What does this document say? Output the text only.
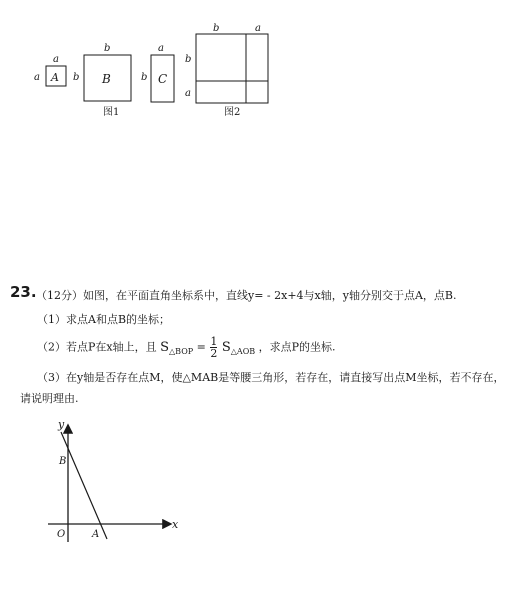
A
a
a
B
b
b
C
b
a
图1
b	a
b
a
图2
23. （12分）如图，在平面直角坐标系中，直线y= - 2x+4与x轴，y轴分别交于点A，点B.
（1）求点A和点B的坐标；
（2）若点P在x轴上，且 $S_{\triangle BOP} = \frac{1}{2} S_{\triangle AOB}$ ，求点P的坐标.
（3）在y轴是否存在点M，使△MAB是等腰三角形，若存在，请直接写出点M坐标，若不存在，
请说明理由.
x
y
O	A
B
